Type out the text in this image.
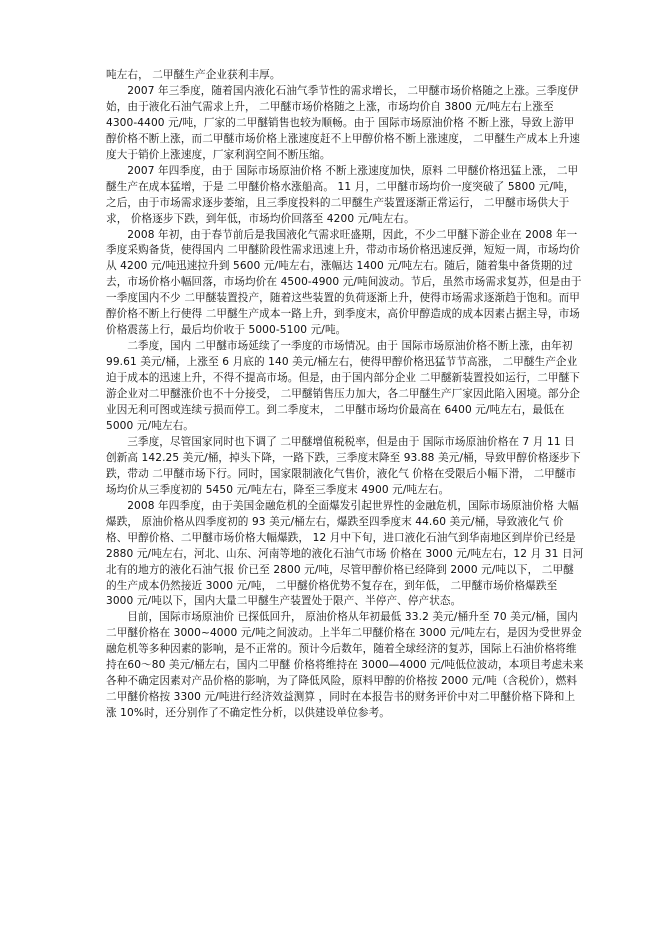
吨左右， 二甲醚生产企业获利丰厚。

2007 年三季度，随着国内液化石油气季节性的需求增长， 二甲醚市场价格随之上涨。三季度伊始，由于液化石油气需求上升， 二甲醚市场价格随之上涨，市场均价自 3800 元/吨左右上涨至 4300-4400 元/吨，厂家的二甲醚销售也较为顺畅。由于 国际市场原油价格 不断上涨，导致上游甲醇价格不断上涨，而二甲醚市场价格上涨速度赶不上甲醇价格不断上涨速度， 二甲醚生产成本上升速度大于销价上涨速度，厂家利润空间不断压缩。

2007 年四季度，由于 国际市场原油价格 不断上涨速度加快，原料 二甲醚价格迅猛上涨， 二甲醚生产在成本猛增，于是 二甲醚价格水涨船高。 11 月，二甲醚市场均价一度突破了 5800 元/吨，之后，由于市场需求逐步萎缩，且三季度投料的二甲醚生产装置逐渐正常运行， 二甲醚市场供大于求， 价格逐步下跌，到年低，市场均价回落至 4200 元/吨左右。

2008 年初，由于春节前后是我国液化气需求旺盛期，因此，不少二甲醚下游企业在 2008 年一季度采购备货，使得国内 二甲醚阶段性需求迅速上升，带动市场价格迅速反弹，短短一周，市场均价从 4200 元/吨迅速拉升到 5600 元/吨左右，涨幅达 1400 元/吨左右。随后，随着集中备货期的过去，市场价格小幅回落，市场均价在 4500-4900 元/吨间波动。节后，虽然市场需求复苏，但是由于一季度国内不少 二甲醚装置投产，随着这些装置的负荷逐渐上升，使得市场需求逐渐趋于饱和。而甲醇价格不断上行使得 二甲醚生产成本一路上升，到季度末，高价甲醇造成的成本因素占据主导，市场价格震荡上行，最后均价收于 5000-5100 元/吨。

二季度，国内 二甲醚市场延续了一季度的市场情况。由于 国际市场原油价格不断上涨，由年初 99.61 美元/桶，上涨至 6 月底的 140 美元/桶左右，使得甲醇价格迅猛节节高涨， 二甲醚生产企业迫于成本的迅速上升，不得不提高市场。但是，由于国内部分企业 二甲醚新装置投如运行，二甲醚下游企业对二甲醚涨价也不十分接受， 二甲醚销售压力加大，各二甲醚生产厂家因此陷入困境。部分企业因无利可图或连续亏损而停工。到二季度末， 二甲醚市场均价最高在 6400 元/吨左右，最低在 5000 元/吨左右。

三季度，尽管国家同时也下调了 二甲醚增值税税率，但是由于 国际市场原油价格在 7 月 11 日创新高 142.25 美元/桶，掉头下降，一路下跌，三季度末降至 93.88 美元/桶，导致甲醇价格逐步下跌，带动 二甲醚市场下行。同时，国家限制液化气售价，液化气 价格在受限后小幅下滑， 二甲醚市场均价从三季度初的 5450 元/吨左右，降至三季度末 4900 元/吨左右。

2008 年四季度，由于美国金融危机的全面爆发引起世界性的金融危机，国际市场原油价格 大幅爆跌， 原油价格从四季度初的 93 美元/桶左右，爆跌至四季度末 44.60 美元/桶，导致液化气 价格、甲醇价格、二甲醚市场价格大幅爆跌， 12 月中下旬，进口液化石油气到华南地区到岸价已经是 2880 元/吨左右，河北、山东、河南等地的液化石油气市场 价格在 3000 元/吨左右，12 月 31 日河北有的地方的液化石油气报 价已至 2800 元/吨，尽管甲醇价格已经降到 2000 元/吨以下， 二甲醚的生产成本仍然接近 3000 元/吨， 二甲醚价格优势不复存在，到年低， 二甲醚市场价格爆跌至 3000 元/吨以下，国内大量二甲醚生产装置处于限产、半停产、停产状态。

目前，国际市场原油价 已探低回升， 原油价格从年初最低 33.2 美元/桶升至 70 美元/桶，国内二甲醚价格在 3000~4000 元/吨之间波动。上半年二甲醚价格在 3000 元/吨左右，是因为受世界金融危机等多种因素的影响，是不正常的。预计今后数年，随着全球经济的复苏，国际上石油价格将维持在60～80 美元/桶左右，国内二甲醚 价格将维持在 3000—4000 元/吨低位波动，本项目考虑未来各种不确定因素对产品价格的影响，为了降低风险，原料甲醇的价格按 2000 元/吨（含税价），燃料二甲醚价格按 3300 元/吨进行经济效益测算 ，同时在本报告书的财务评价中对二甲醚价格下降和上涨 10%时，还分别作了不确定性分析，以供建设单位参考。
